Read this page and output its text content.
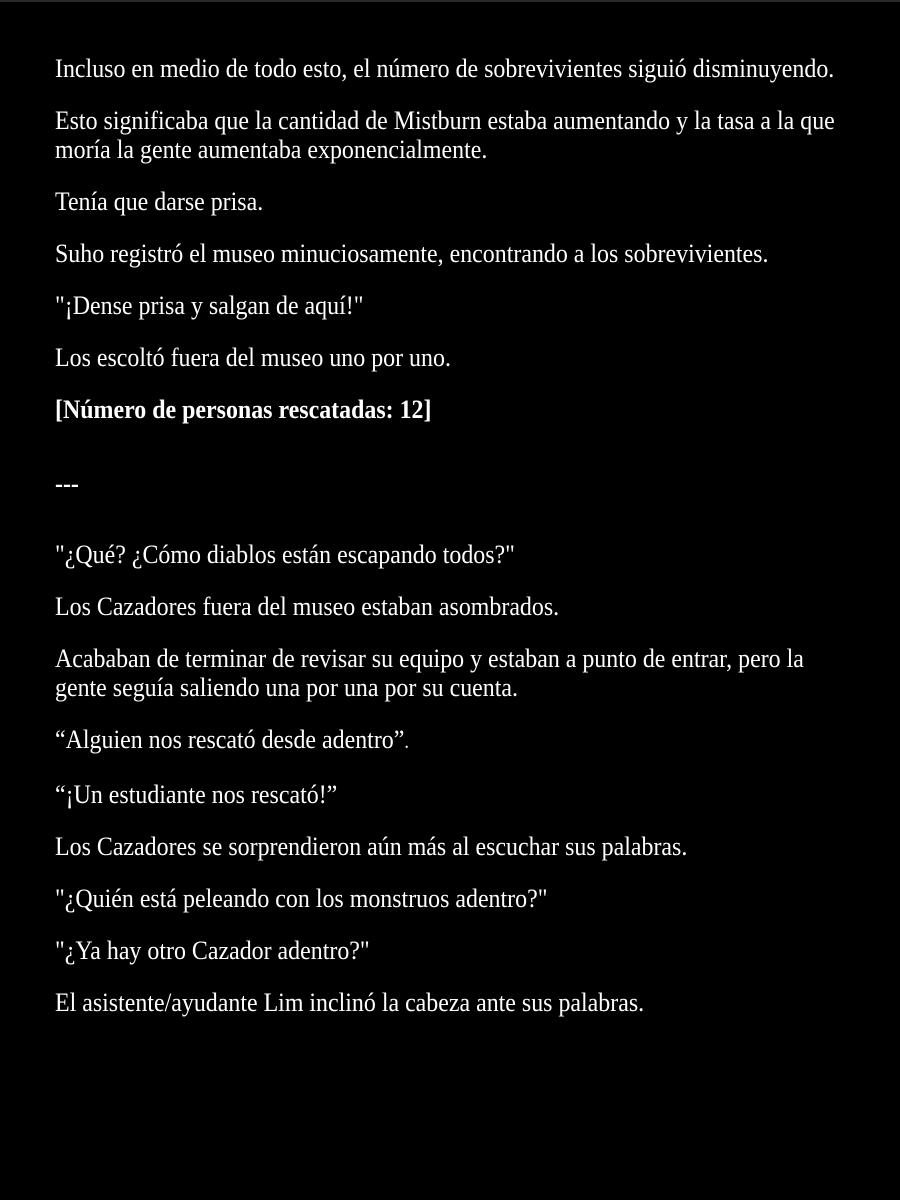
Incluso en medio de todo esto, el número de sobrevivientes siguió disminuyendo.

Esto significaba que la cantidad de Mistburn estaba aumentando y la tasa a la que moría la gente aumentaba exponencialmente.

Tenía que darse prisa.

Suho registró el museo minuciosamente, encontrando a los sobrevivientes.

"¡Dense prisa y salgan de aquí!"

Los escoltó fuera del museo uno por uno.

[Número de personas rescatadas: 12]

---

"¿Qué? ¿Cómo diablos están escapando todos?"

Los Cazadores fuera del museo estaban asombrados.

Acababan de terminar de revisar su equipo y estaban a punto de entrar, pero la gente seguía saliendo una por una por su cuenta.

“Alguien nos rescató desde adentro”.

“¡Un estudiante nos rescató!”

Los Cazadores se sorprendieron aún más al escuchar sus palabras.

"¿Quién está peleando con los monstruos adentro?"

"¿Ya hay otro Cazador adentro?"

El asistente/ayudante Lim inclinó la cabeza ante sus palabras.
